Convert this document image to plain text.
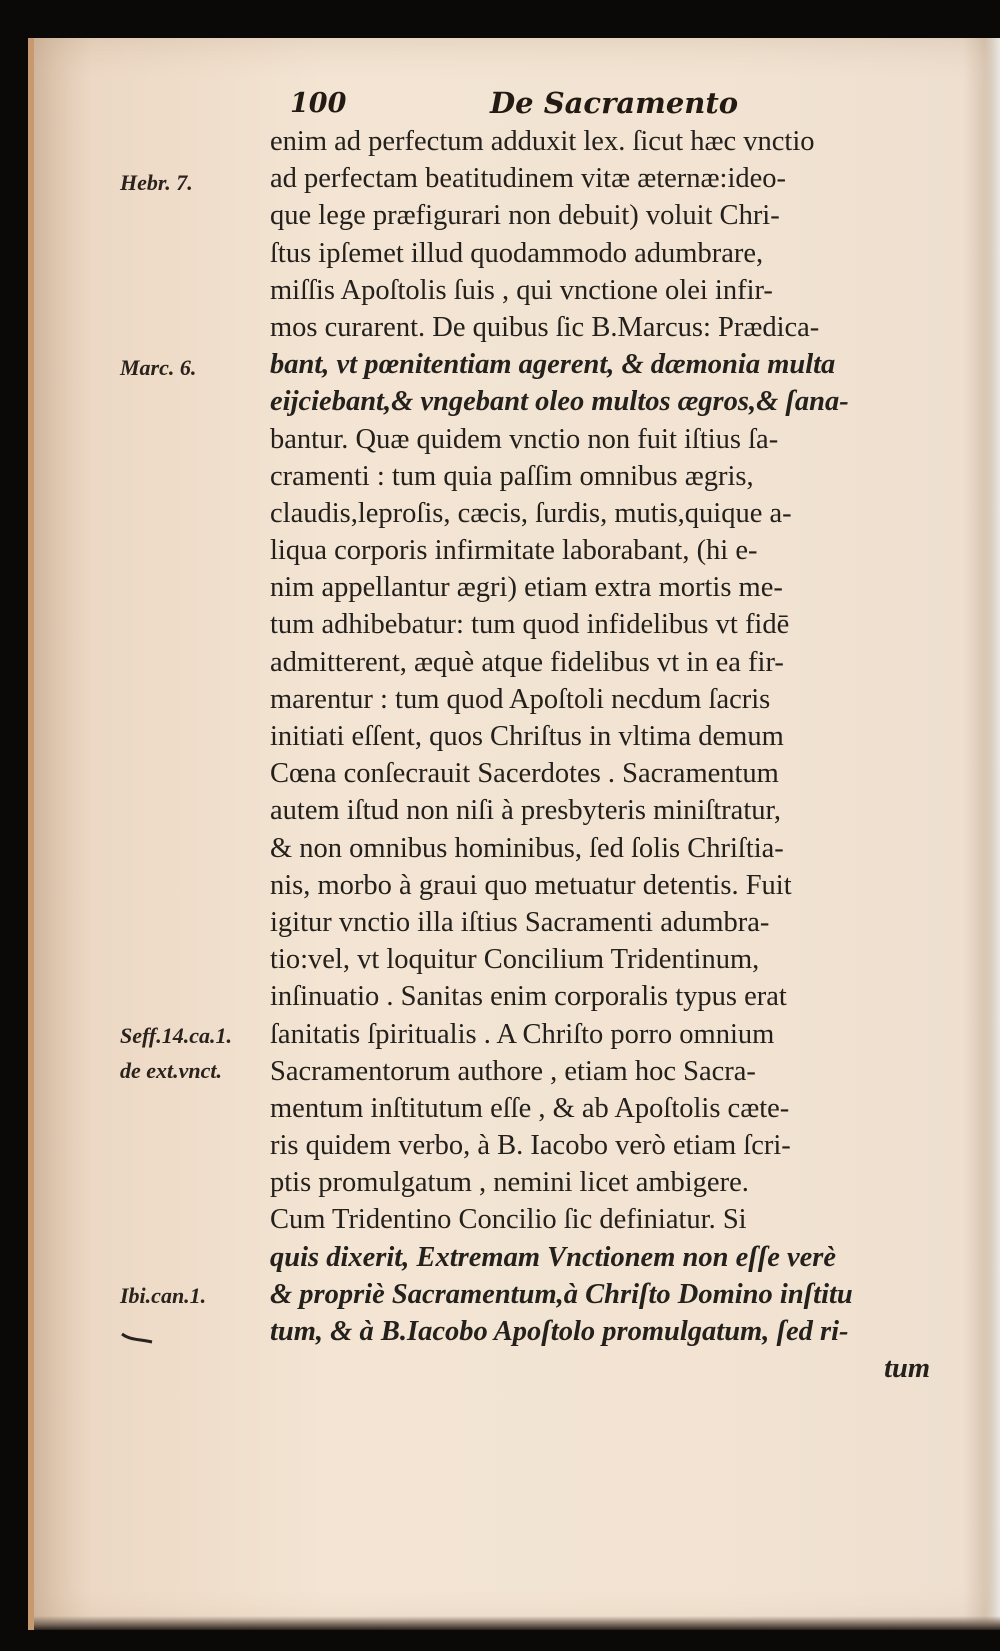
100	De Sacramento
Hebr. 7.
Marc. 6.
Seff.14.ca.1.
de ext.vnct.
Ibi.can.1.
enim ad perfectum adduxit lex. ſicut hæc vnctio
ad perfectam beatitudinem vitæ æternæ:ideo-
que lege præfigurari non debuit) voluit Chri-
ſtus ipſemet illud quodammodo adumbrare,
miſſis Apoſtolis ſuis , qui vnctione olei infir-
mos curarent. De quibus ſic B.Marcus: Prædica-
bant, vt pœnitentiam agerent, & dæmonia multa
eijciebant,& vngebant oleo multos ægros,& ſana-
bantur. Quæ quidem vnctio non fuit iſtius ſa-
cramenti : tum quia paſſim omnibus ægris,
claudis,leproſis, cæcis, ſurdis, mutis,quique a-
liqua corporis infirmitate laborabant, (hi e-
nim appellantur ægri) etiam extra mortis me-
tum adhibebatur: tum quod infidelibus vt fidē
admitterent, æquè atque fidelibus vt in ea fir-
marentur : tum quod Apoſtoli necdum ſacris
initiati eſſent, quos Chriſtus in vltima demum
Cœna conſecrauit Sacerdotes . Sacramentum
autem iſtud non niſi à presbyteris miniſtratur,
& non omnibus hominibus, ſed ſolis Chriſtia-
nis, morbo à graui quo metuatur detentis. Fuit
igitur vnctio illa iſtius Sacramenti adumbra-
tio:vel, vt loquitur Concilium Tridentinum,
inſinuatio . Sanitas enim corporalis typus erat
ſanitatis ſpiritualis . A Chriſto porro omnium
Sacramentorum authore , etiam hoc Sacra-
mentum inſtitutum eſſe , & ab Apoſtolis cæte-
ris quidem verbo, à B. Iacobo verò etiam ſcri-
ptis promulgatum , nemini licet ambigere.
Cum Tridentino Concilio ſic definiatur. Si
quis dixerit, Extremam Vnctionem non eſſe verè
& propriè Sacramentum,à Chriſto Domino inſtitu
tum, & à B.Iacobo Apoſtolo promulgatum, ſed ri-
tum
